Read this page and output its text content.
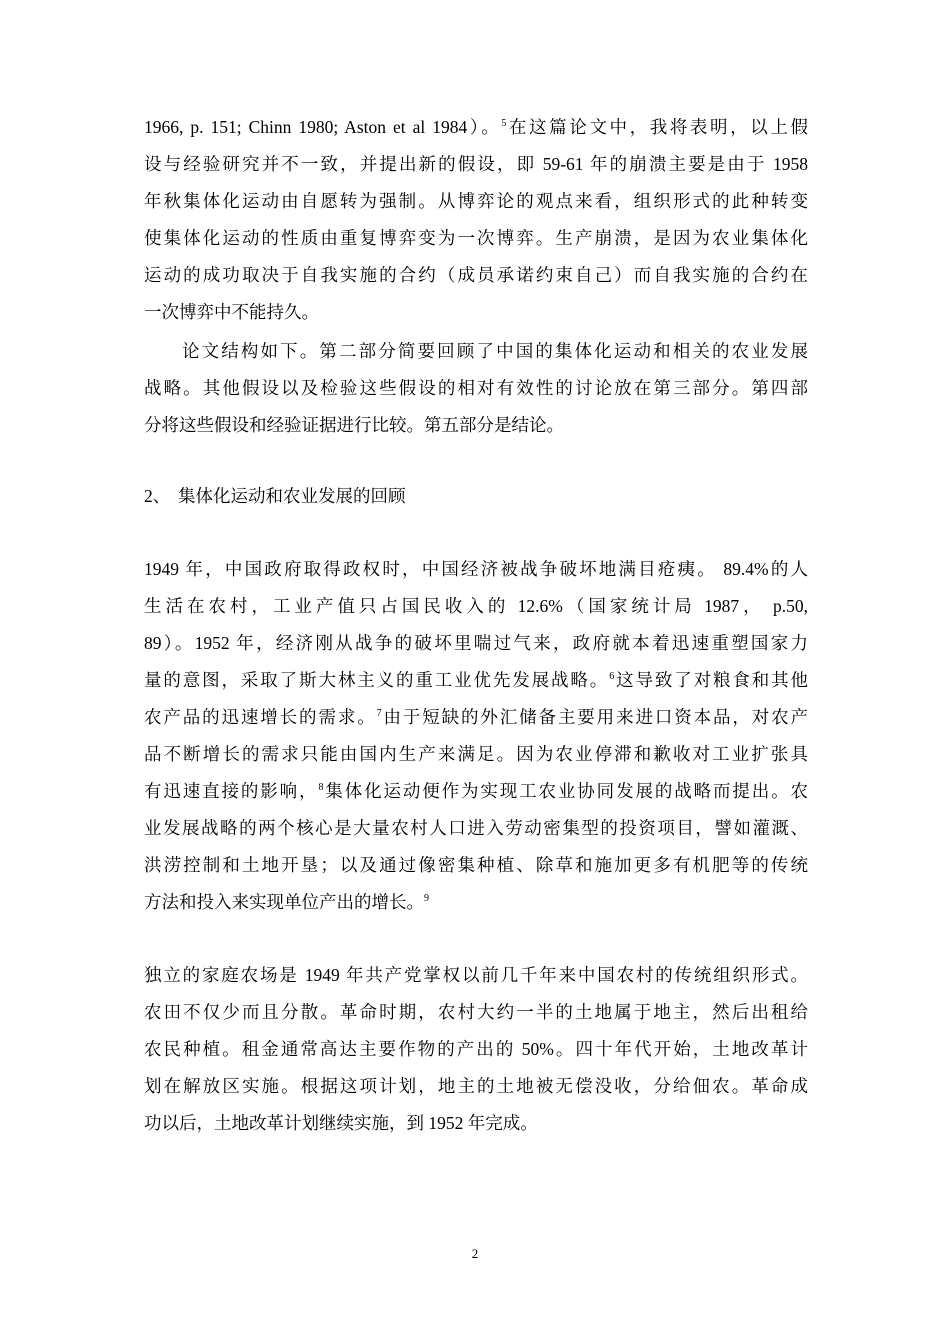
1966, p. 151; Chinn 1980; Aston et al 1984）。$^5$在这篇论文中，我将表明，以上假
设与经验研究并不一致，并提出新的假设，即 59-61 年的崩溃主要是由于 1958
年秋集体化运动由自愿转为强制。从博弈论的观点来看，组织形式的此种转变
使集体化运动的性质由重复博弈变为一次博弈。生产崩溃，是因为农业集体化
运动的成功取决于自我实施的合约（成员承诺约束自己）而自我实施的合约在
一次博弈中不能持久。
论文结构如下。第二部分简要回顾了中国的集体化运动和相关的农业发展
战略。其他假设以及检验这些假设的相对有效性的讨论放在第三部分。第四部
分将这些假设和经验证据进行比较。第五部分是结论。
2、 集体化运动和农业发展的回顾
1949 年，中国政府取得政权时，中国经济被战争破坏地满目疮痍。 89.4%的人
生活在农村，工业产值只占国民收入的 12.6%（国家统计局 1987， p.50,
89）。1952 年，经济刚从战争的破坏里喘过气来，政府就本着迅速重塑国家力
量的意图，采取了斯大林主义的重工业优先发展战略。$^6$这导致了对粮食和其他
农产品的迅速增长的需求。$^7$由于短缺的外汇储备主要用来进口资本品，对农产
品不断增长的需求只能由国内生产来满足。因为农业停滞和歉收对工业扩张具
有迅速直接的影响，$^8$集体化运动便作为实现工农业协同发展的战略而提出。农
业发展战略的两个核心是大量农村人口进入劳动密集型的投资项目，譬如灌溉、
洪涝控制和土地开垦；以及通过像密集种植、除草和施加更多有机肥等的传统
方法和投入来实现单位产出的增长。$^9$
独立的家庭农场是 1949 年共产党掌权以前几千年来中国农村的传统组织形式。
农田不仅少而且分散。革命时期，农村大约一半的土地属于地主，然后出租给
农民种植。租金通常高达主要作物的产出的 50%。四十年代开始，土地改革计
划在解放区实施。根据这项计划，地主的土地被无偿没收，分给佃农。革命成
功以后，土地改革计划继续实施，到 1952 年完成。
2
